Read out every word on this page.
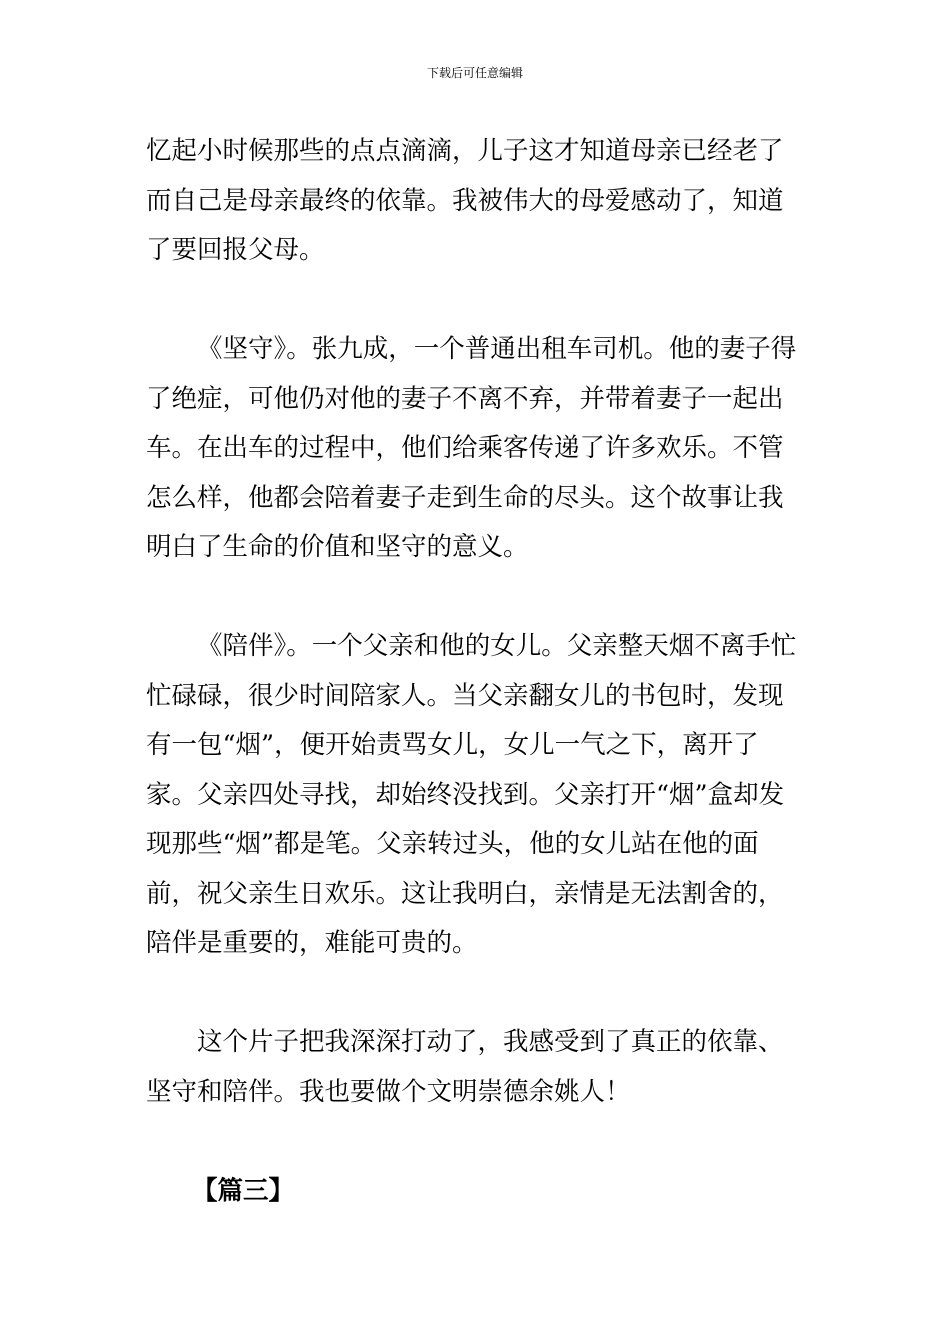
下载后可任意编辑

忆起小时候那些的点点滴滴，儿子这才知道母亲已经老了而自己是母亲最终的依靠。我被伟大的母爱感动了，知道了要回报父母。

《坚守》。张九成，一个普通出租车司机。他的妻子得了绝症，可他仍对他的妻子不离不弃，并带着妻子一起出车。在出车的过程中，他们给乘客传递了许多欢乐。不管怎么样，他都会陪着妻子走到生命的尽头。这个故事让我明白了生命的价值和坚守的意义。

《陪伴》。一个父亲和他的女儿。父亲整天烟不离手忙忙碌碌，很少时间陪家人。当父亲翻女儿的书包时，发现有一包“烟”，便开始责骂女儿，女儿一气之下，离开了家。父亲四处寻找，却始终没找到。父亲打开“烟”盒却发现那些“烟”都是笔。父亲转过头，他的女儿站在他的面前，祝父亲生日欢乐。这让我明白，亲情是无法割舍的，陪伴是重要的，难能可贵的。

这个片子把我深深打动了，我感受到了真正的依靠、坚守和陪伴。我也要做个文明崇德余姚人！

【篇三】
